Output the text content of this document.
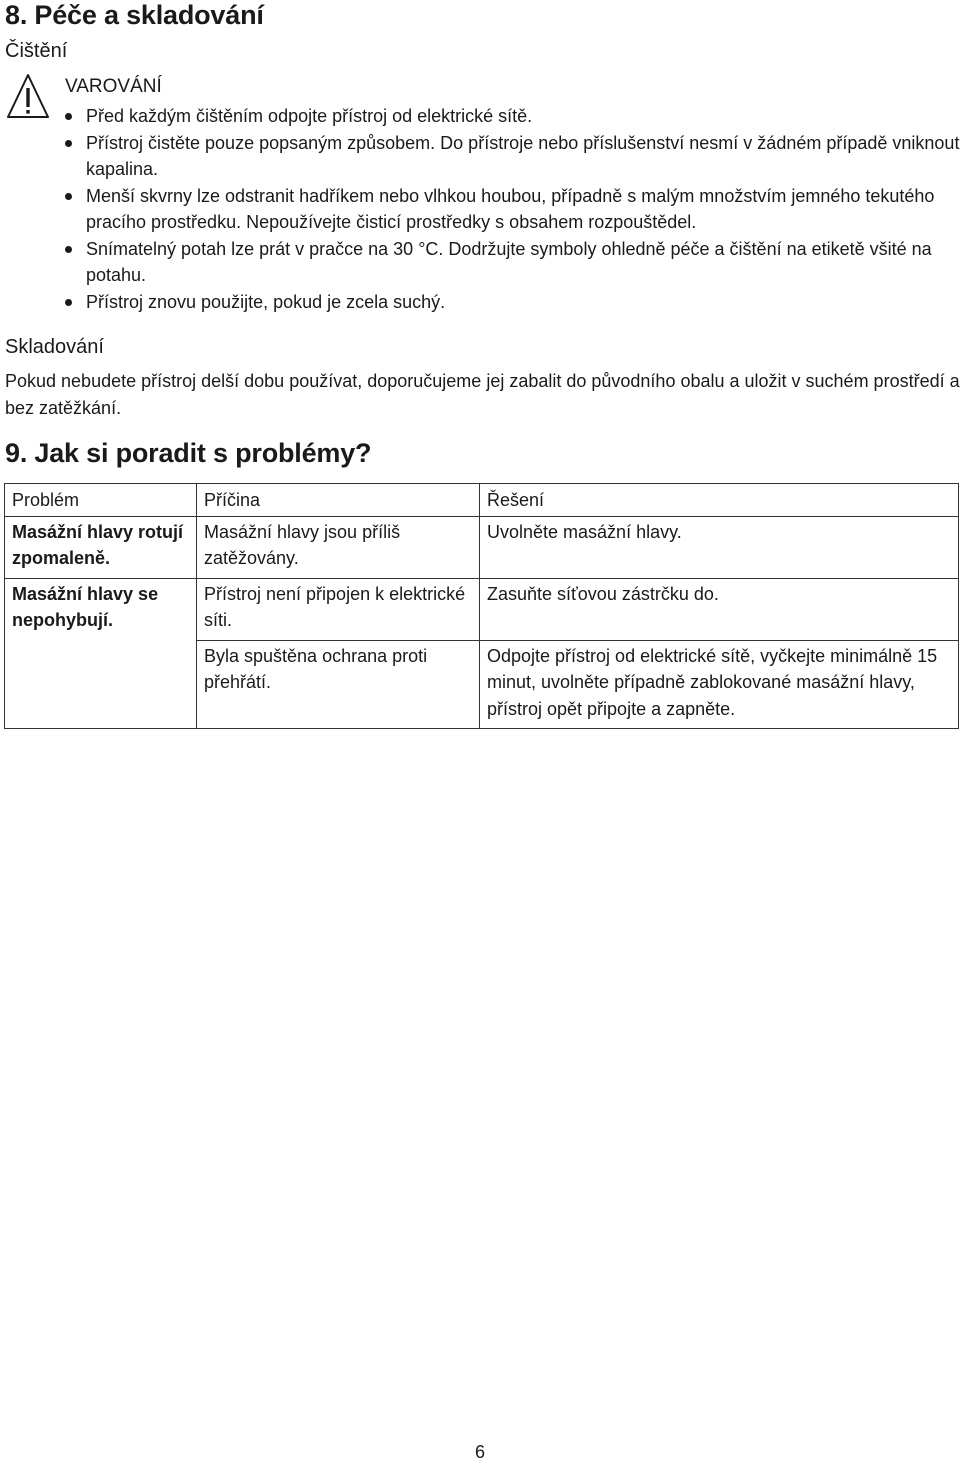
8. Péče a skladování

Čištění

VAROVÁNÍ

Před každým čištěním odpojte přístroj od elektrické sítě.
Přístroj čistěte pouze popsaným způsobem. Do přístroje nebo příslušenství nesmí v žádném případě vniknout kapalina.
Menší skvrny lze odstranit hadříkem nebo vlhkou houbou, případně s malým množstvím jemného tekutého pracího prostředku. Nepoužívejte čisticí prostředky s obsahem rozpouštědel.
Snímatelný potah lze prát v pračce na 30 °C. Dodržujte symboly ohledně péče a čištění na etiketě všité na potahu.
Přístroj znovu použijte, pokud je zcela suchý.

Skladování

Pokud nebudete přístroj delší dobu používat, doporučujeme jej zabalit do původního obalu a uložit v suchém prostředí a bez zatěžkání.

9. Jak si poradit s problémy?
Problém	Příčina	Řešení
Masážní hlavy rotují zpomaleně.	Masážní hlavy jsou příliš zatěžovány.	Uvolněte masážní hlavy.
Masážní hlavy se nepohybují.	Přístroj není připojen k elektrické síti.	Zasuňte síťovou zástrčku do.
	Byla spuštěna ochrana proti přehřátí.	Odpojte přístroj od elektrické sítě, vyčkejte minimálně 15 minut, uvolněte případně zablokované masážní hlavy, přístroj opět připojte a zapněte.
6
